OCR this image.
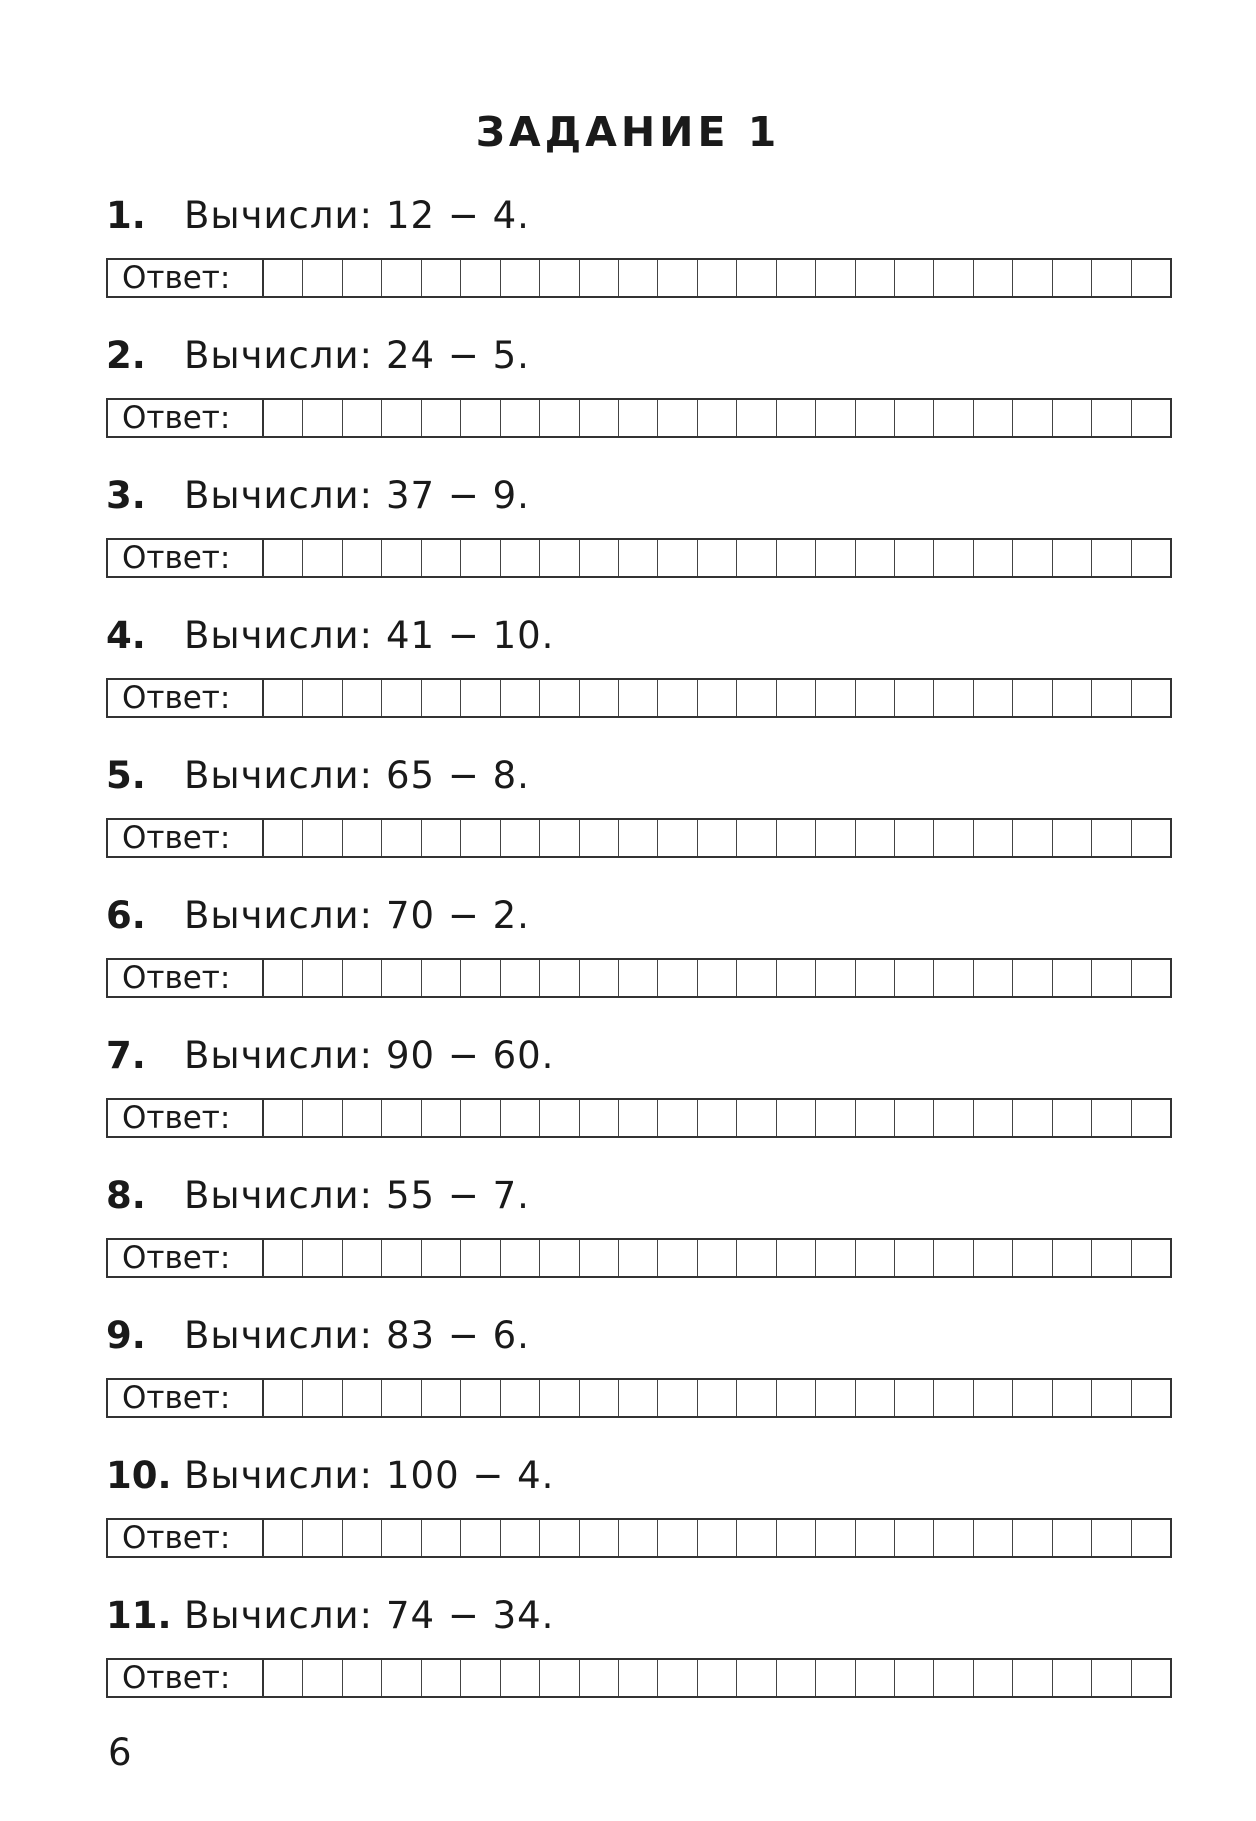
ЗАДАНИЕ 1
1. Вычисли: 12 − 4.
Ответ:
2. Вычисли: 24 − 5.
Ответ:
3. Вычисли: 37 − 9.
Ответ:
4. Вычисли: 41 − 10.
Ответ:
5. Вычисли: 65 − 8.
Ответ:
6. Вычисли: 70 − 2.
Ответ:
7. Вычисли: 90 − 60.
Ответ:
8. Вычисли: 55 − 7.
Ответ:
9. Вычисли: 83 − 6.
Ответ:
10. Вычисли: 100 − 4.
Ответ:
11. Вычисли: 74 − 34.
Ответ:
6
